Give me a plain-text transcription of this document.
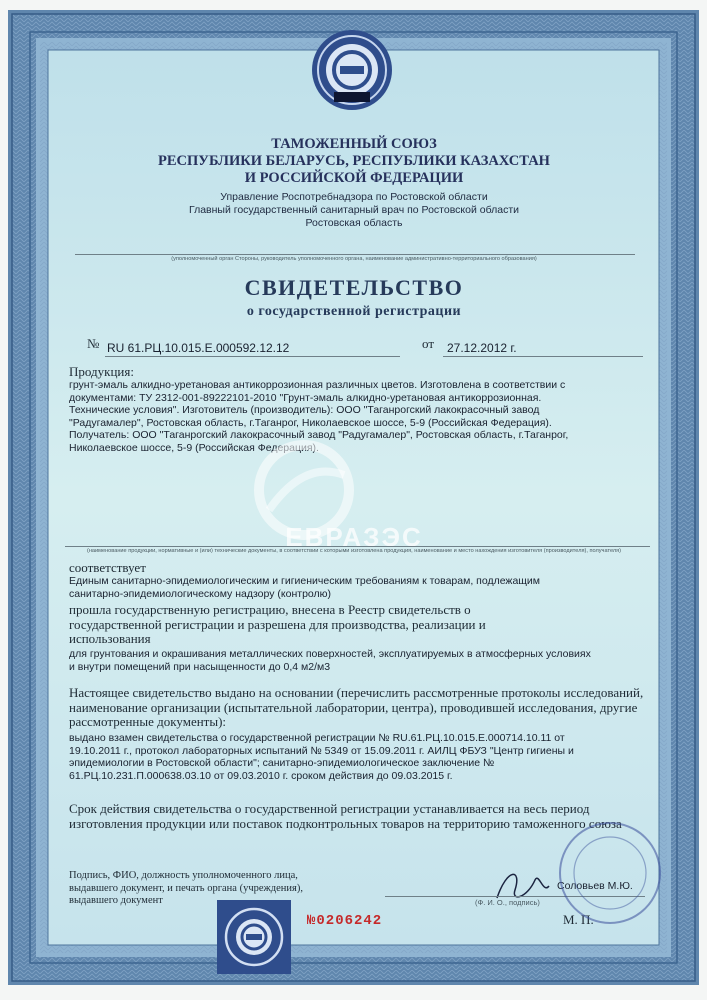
ТАМОЖЕННЫЙ СОЮЗ
РЕСПУБЛИКИ БЕЛАРУСЬ, РЕСПУБЛИКИ КАЗАХСТАН
И РОССИЙСКОЙ ФЕДЕРАЦИИ
Управление Роспотребнадзора по Ростовской области
Главный государственный санитарный врач по Ростовской области
Ростовская область
(уполномоченный орган Стороны, руководитель уполномоченного органа, наименование административно-территориального образования)
СВИДЕТЕЛЬСТВО
о государственной регистрации
№ RU 61.РЦ.10.015.Е.000592.12.12	от 27.12.2012 г.
Продукция:
грунт-эмаль алкидно-уретановая антикоррозионная различных цветов. Изготовлена в соответствии с
документами: ТУ 2312-001-89222101-2010 "Грунт-эмаль алкидно-уретановая антикоррозионная.
Технические условия". Изготовитель (производитель): ООО "Таганрогский лакокрасочный завод
"Радугамалер", Ростовская область, г.Таганрог, Николаевское шоссе, 5-9 (Российская Федерация).
Получатель: ООО "Таганрогский лакокрасочный завод "Радугамалер", Ростовская область, г.Таганрог,
Николаевское шоссе, 5-9 (Российская Федерация).
ЕВРАЗЭС
(наименование продукции, нормативные и (или) технические документы, в соответствии с которыми изготовлена продукция, наименование и место нахождения изготовителя (производителя), получателя)
соответствует
Единым санитарно-эпидемиологическим и гигиеническим требованиям к товарам, подлежащим
санитарно-эпидемиологическому надзору (контролю)
прошла государственную регистрацию, внесена в Реестр свидетельств о
государственной регистрации и разрешена для производства, реализации и
использования
для грунтования и окрашивания металлических поверхностей, эксплуатируемых в атмосферных условиях
и внутри помещений при насыщенности до 0,4 м2/м3
Настоящее свидетельство выдано на основании (перечислить рассмотренные протоколы исследований, наименование организации (испытательной лаборатории, центра), проводившей исследования, другие рассмотренные документы):
выдано взамен свидетельства о государственной регистрации № RU.61.РЦ.10.015.Е.000714.10.11 от
19.10.2011 г., протокол лабораторных испытаний № 5349 от 15.09.2011 г. АИЛЦ ФБУЗ "Центр гигиены и
эпидемиологии в Ростовской области"; санитарно-эпидемиологическое заключение №
61.РЦ.10.231.П.000638.03.10 от 09.03.2010 г. сроком действия до 09.03.2015 г.
Срок действия свидетельства о государственной регистрации устанавливается на весь период изготовления продукции или поставок подконтрольных товаров на территорию таможенного союза
Подпись, ФИО, должность уполномоченного лица, выдавшего документ, и печать органа (учреждения), выдавшего документ
Соловьев М.Ю.
(Ф. И. О., подпись)
М. П.
№0206242
